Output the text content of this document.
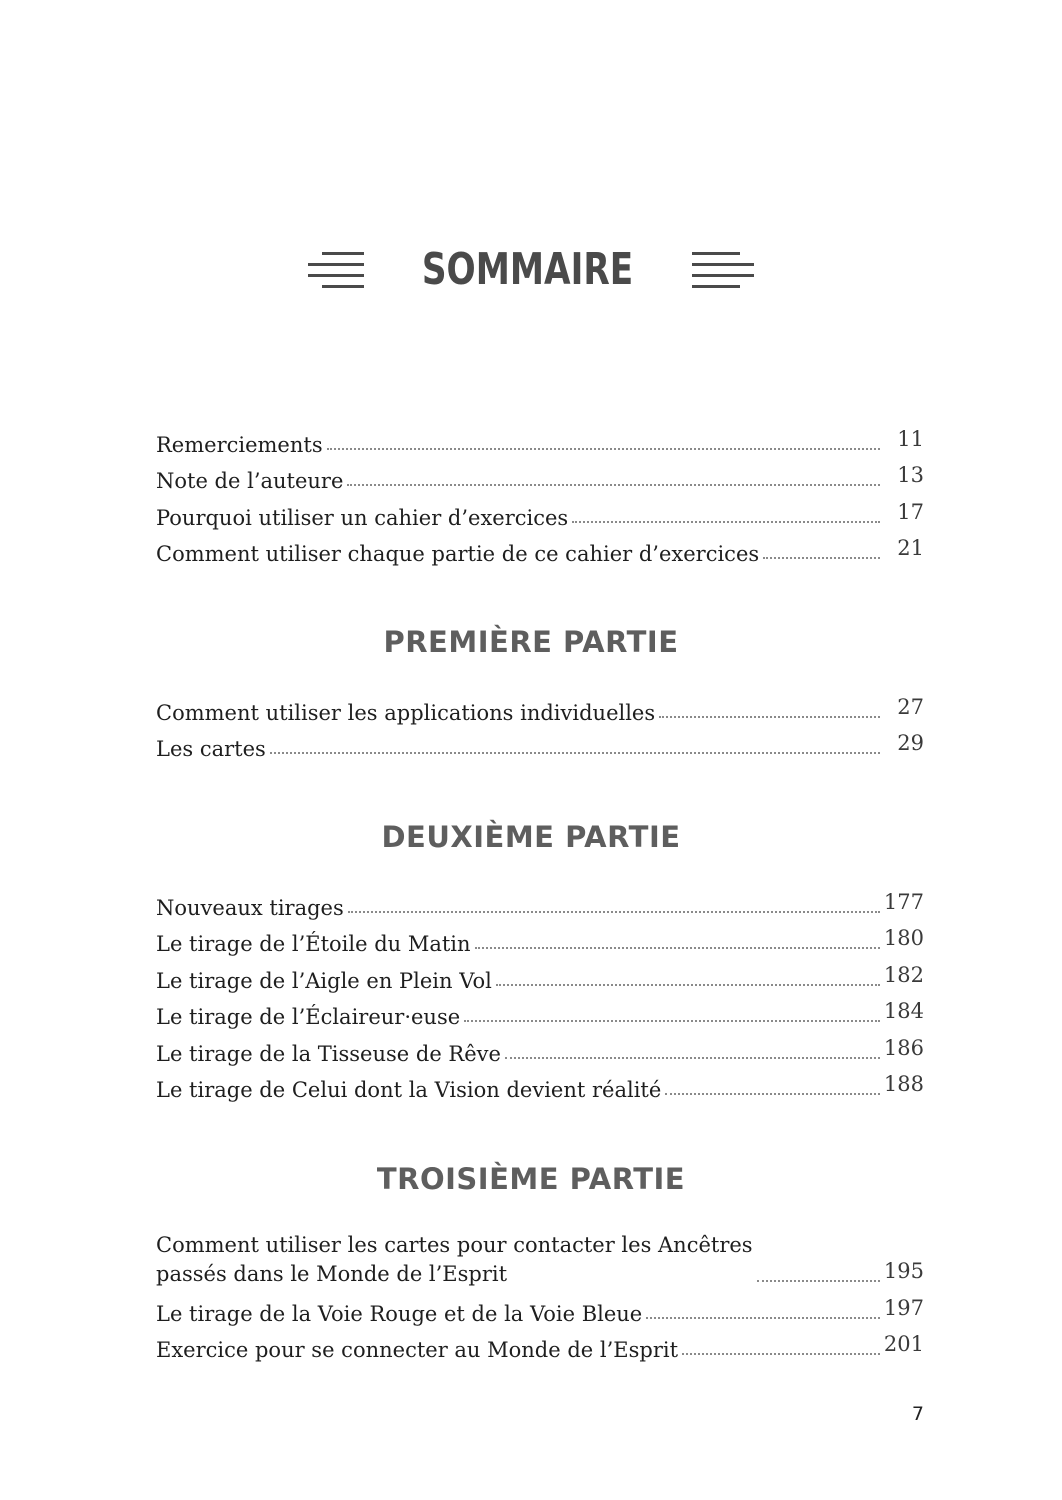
SOMMAIRE
Remerciements	11
Note de l’auteure	13
Pourquoi utiliser un cahier d’exercices	17
Comment utiliser chaque partie de ce cahier d’exercices	21
PREMIÈRE PARTIE
Comment utiliser les applications individuelles	27
Les cartes	29
DEUXIÈME PARTIE
Nouveaux tirages	177
Le tirage de l’Étoile du Matin	180
Le tirage de l’Aigle en Plein Vol	182
Le tirage de l’Éclaireur·euse	184
Le tirage de la Tisseuse de Rêve	186
Le tirage de Celui dont la Vision devient réalité	188
TROISIÈME PARTIE
Comment utiliser les cartes pour contacter les Ancêtres
passés dans le Monde de l’Esprit	195
Le tirage de la Voie Rouge et de la Voie Bleue	197
Exercice pour se connecter au Monde de l’Esprit	201
7
